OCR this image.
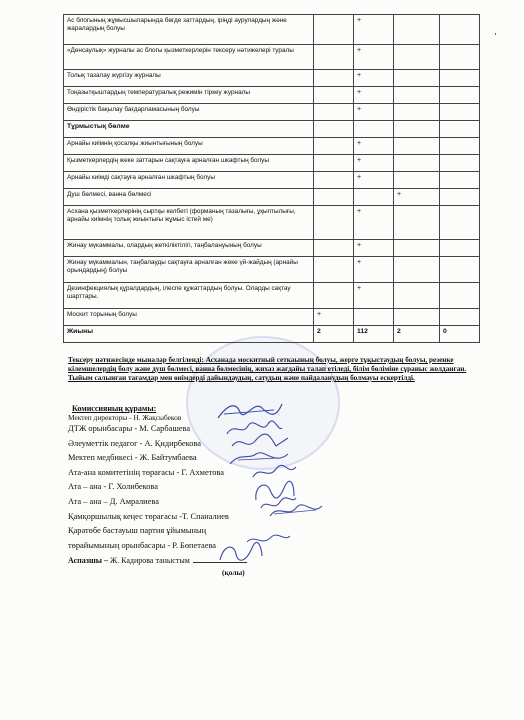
‚
Ас блогының жұмысшыларында бөгде заттардың, іріңді аурулардың және жаралардың болуы		+		
«Денсаулық» журналы ас блогы қызметкерлерін тексеру нәтижелері туралы		+		
Толық тазалау жүргізу журналы		+		
Тоңазытқыштардың температуралық режимін тіркеу журналы		+		
Өндірістік бақылау бағдарламасының болуы		+		
Тұрмыстық бөлме				
Арнайы киімнің қосалқы жиынтығының болуы		+		
Қызметкерлердің жеке заттарын сақтауға арналған шкафтың болуы		+		
Арнайы киімді сақтауға арналған шкафтың болуы		+		
Душ бөлмесі, ванна бөлмесі			+	
Асхана қызметкерлерінің сыртқы келбеті (форманың тазалығы, ұқыптылығы, арнайы киімнің толық жиынтығы жұмыс істей ме)		+		
Жинау мүкаммалы, олардың жеткіліктілігі, таңбалануының болуы		+		
Жинау мүкаммалын, таңбалауды сақтауға арналған жеке үй-жайдың (арнайы орындардың) болуы		+		
Дезинфекциялық құралдардың, ілеспе құжаттардың болуы. Оларды сақтау шарттары.		+		
Москит торының болуы	+			
Жиыны	2	112	2	0
Тексеру нәтижесінде мыналар белгіленді: Асханада москитный сеткаының болуы, жерге тұқыстаудың болуы, резенке кілемшелердің болу және душ бөлмесі, ванна бөлмесінің, жихаз жағдайы талап етіледі, білім бөліміне сұраныс жолданған.
Тыйым салынған тағамдар мен өнімдерді дайындаудың, сатудың және пайдаланудың болмауы ескертілді.
Комиссияның құрамы:
Мектеп директоры - Н. Жақсыбеков
ДТЖ орынбасары - М. Сарбашева
Әлеуметтік педагог - А. Қидирбекова
Мектеп медбикесі - Ж. Байтумбаева
Ата-ана комитетінің төрағасы - Г. Ахметова
Ата – ана - Г. Холибекова
Ата – ана – Д. Амралиева
Қамқоршылық кеңес төрағасы -Т. Спаналиев
Қаратөбе бастауыш партия ұйымының
төрайымының орынбасары - Р. Бөпетаева
Аспазшы – Ж. Кадирова таныстым
(қолы)
